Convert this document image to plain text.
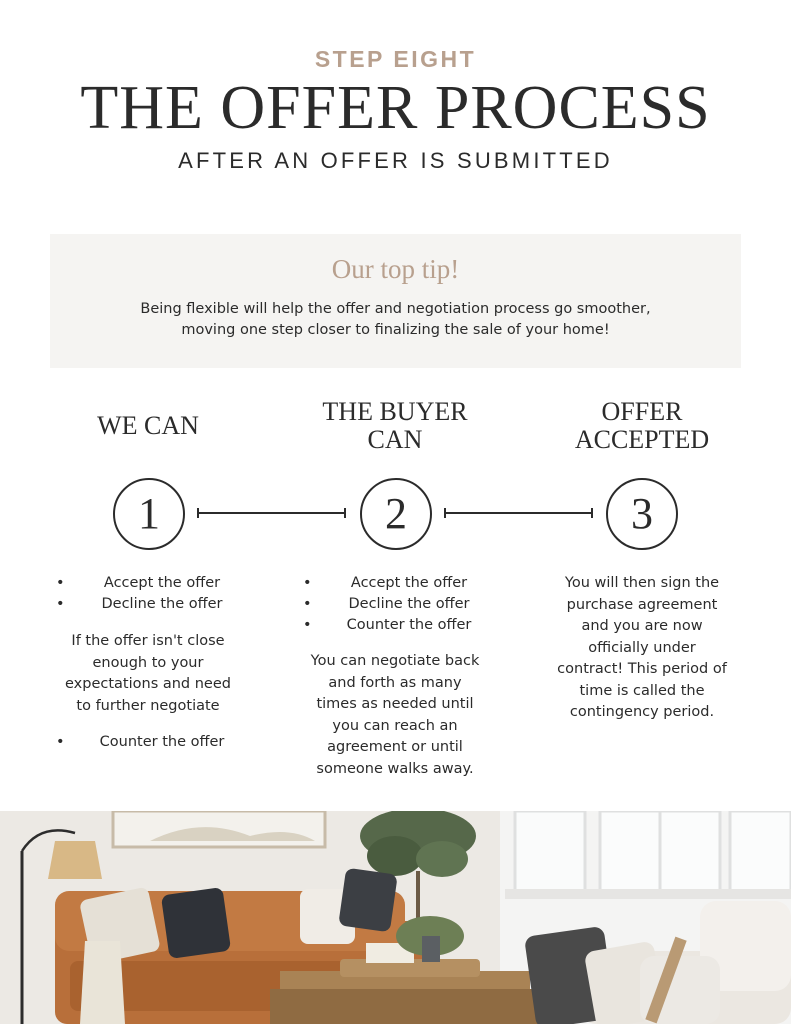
STEP EIGHT
THE OFFER PROCESS
AFTER AN OFFER IS SUBMITTED
Our top tip!
Being flexible will help the offer and negotiation process go smoother,
moving one step closer to finalizing the sale of your home!
WE CAN	THE BUYER
CAN
OFFER
ACCEPTED
1	2	3
• Accept the offer
• Decline the offer
If the offer isn't close
enough to your
expectations and need
to further negotiate
• Counter the offer
• Accept the offer
• Decline the offer
• Counter the offer
You can negotiate back
and forth as many
times as needed until
you can reach an
agreement or until
someone walks away.
You will then sign the
purchase agreement
and you are now
officially under
contract! This period of
time is called the
contingency period.
